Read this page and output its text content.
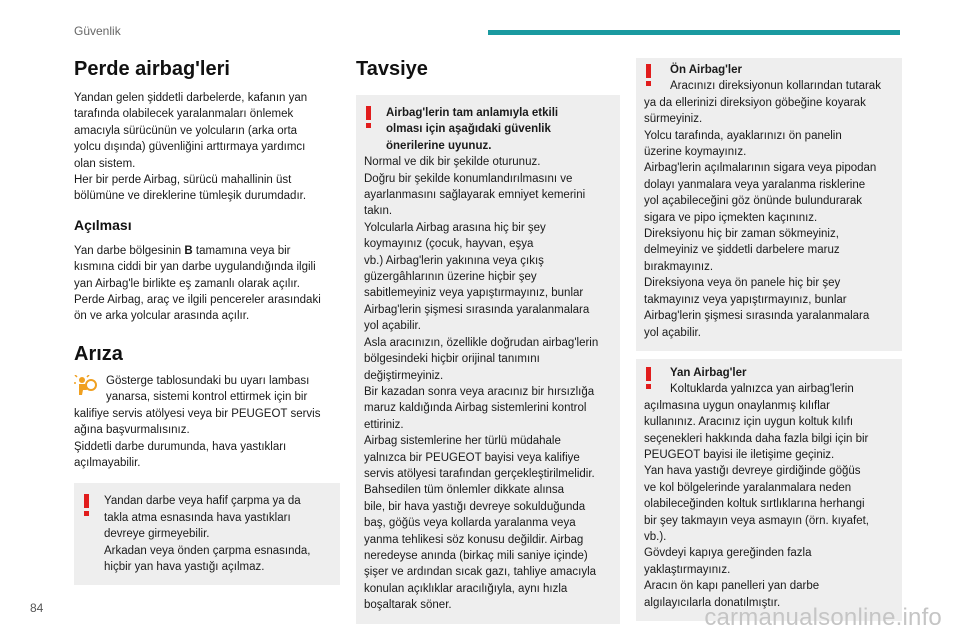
Güvenlik
Perde airbag'leri

Yandan gelen şiddetli darbelerde, kafanın yan
tarafında olabilecek yaralanmaları önlemek
amacıyla sürücünün ve yolcuların (arka orta
yolcu dışında) güvenliğini arttırmaya yardımcı
olan sistem.
Her bir perde Airbag, sürücü mahallinin üst
bölümüne ve direklerine tümleşik durumdadır.

Açılması

Yan darbe bölgesinin B tamamına veya bir
kısmına ciddi bir yan darbe uygulandığında ilgili
yan Airbag'le birlikte eş zamanlı olarak açılır.
Perde Airbag, araç ve ilgili pencereler arasındaki
ön ve arka yolcular arasında açılır.

Arıza

Gösterge tablosundaki bu uyarı lambası
yanarsa, sistemi kontrol ettirmek için bir
kalifiye servis atölyesi veya bir PEUGEOT servis
ağına başvurmalısınız.
Şiddetli darbe durumunda, hava yastıkları
açılmayabilir.

Yandan darbe veya hafif çarpma ya da
takla atma esnasında hava yastıkları
devreye girmeyebilir.
Arkadan veya önden çarpma esnasında,
hiçbir yan hava yastığı açılmaz.

Tavsiye

Airbag'lerin tam anlamıyla etkili
olması için aşağıdaki güvenlik
önerilerine uyunuz.

Normal ve dik bir şekilde oturunuz.
Doğru bir şekilde konumlandırılmasını ve
ayarlanmasını sağlayarak emniyet kemerini
takın.
Yolcularla Airbag arasına hiç bir şey
koymayınız (çocuk, hayvan, eşya
vb.) Airbag'lerin yakınına veya çıkış
güzergâhlarının üzerine hiçbir şey
sabitlemeyiniz veya yapıştırmayınız, bunlar
Airbag'lerin şişmesi sırasında yaralanmalara
yol açabilir.
Asla aracınızın, özellikle doğrudan airbag'lerin
bölgesindeki hiçbir orijinal tanımını
değiştirmeyiniz.
Bir kazadan sonra veya aracınız bir hırsızlığa
maruz kaldığında Airbag sistemlerini kontrol
ettiriniz.
Airbag sistemlerine her türlü müdahale
yalnızca bir PEUGEOT bayisi veya kalifiye
servis atölyesi tarafından gerçekleştirilmelidir.
Bahsedilen tüm önlemler dikkate alınsa
bile, bir hava yastığı devreye sokulduğunda
baş, göğüs veya kollarda yaralanma veya
yanma tehlikesi söz konusu değildir. Airbag
neredeyse anında (birkaç mili saniye içinde)
şişer ve ardından sıcak gazı, tahliye amacıyla
konulan açıklıklar aracılığıyla, aynı hızla
boşaltarak söner.

Ön Airbag'ler

Aracınızı direksiyonun kollarından tutarak

ya da ellerinizi direksiyon göbeğine koyarak
sürmeyiniz.
Yolcu tarafında, ayaklarınızı ön panelin
üzerine koymayınız.
Airbag'lerin açılmalarının sigara veya pipodan
dolayı yanmalara veya yaralanma risklerine
yol açabileceğini göz önünde bulundurarak
sigara ve pipo içmekten kaçınınız.
Direksiyonu hiç bir zaman sökmeyiniz,
delmeyiniz ve şiddetli darbelere maruz
bırakmayınız.
Direksiyona veya ön panele hiç bir şey
takmayınız veya yapıştırmayınız, bunlar
Airbag'lerin şişmesi sırasında yaralanmalara
yol açabilir.

Yan Airbag'ler

Koltuklarda yalnızca yan airbag'lerin

açılmasına uygun onaylanmış kılıflar
kullanınız. Aracınız için uygun koltuk kılıfı
seçenekleri hakkında daha fazla bilgi için bir
PEUGEOT bayisi ile iletişime geçiniz.
Yan hava yastığı devreye girdiğinde göğüs
ve kol bölgelerinde yaralanmalara neden
olabileceğinden koltuk sırtlıklarına herhangi
bir şey takmayın veya asmayın (örn. kıyafet,
vb.).
Gövdeyi kapıya gereğinden fazla
yaklaştırmayınız.
Aracın ön kapı panelleri yan darbe
algılayıcılarla donatılmıştır.

84	carmanualsonline.info
